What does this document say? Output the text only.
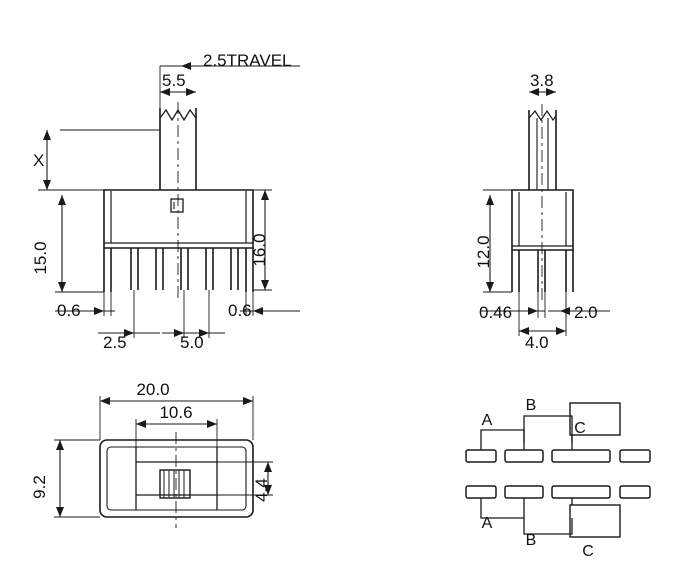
2.5TRAVEL
5.5
X
15.0	16.0
0.6	0.6
2.5	5.0
3.8
12.0
0.46	2.0
4.0
20.0
10.6
9.2	4.4
A
B
C
A
B
C
